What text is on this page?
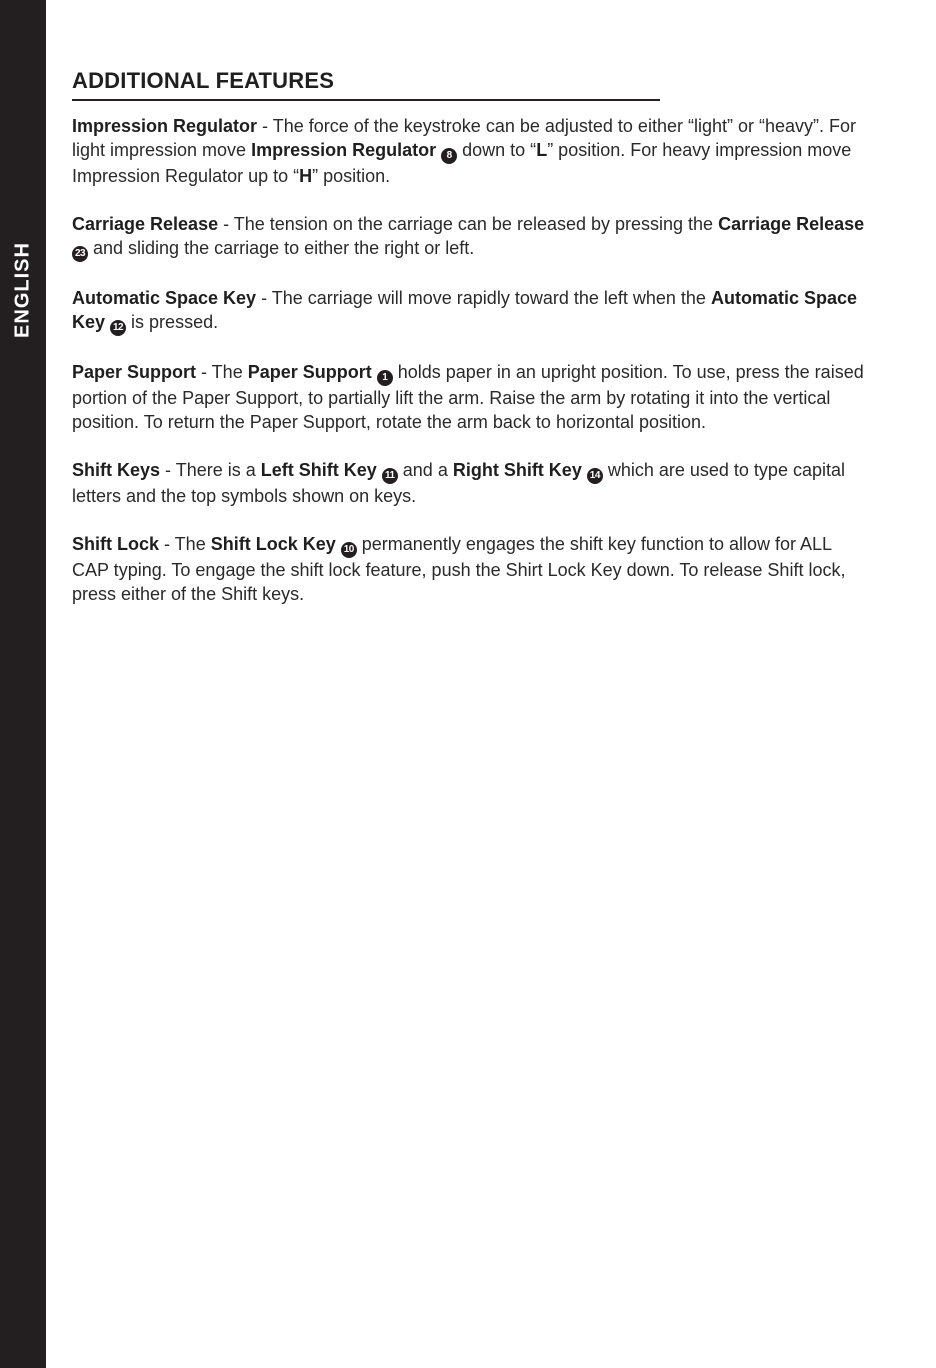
ENGLISH
ADDITIONAL FEATURES

Impression Regulator - The force of the keystroke can be adjusted to either “light” or “heavy”. For light impression move Impression Regulator 8 down to “L” position. For heavy impression move Impression Regulator up to “H” position.

Carriage Release - The tension on the carriage can be released by pressing the Carriage Release 23 and sliding the carriage to either the right or left.

Automatic Space Key - The carriage will move rapidly toward the left when the Automatic Space Key 12 is pressed.

Paper Support - The Paper Support 1 holds paper in an upright position. To use, press the raised portion of the Paper Support, to partially lift the arm. Raise the arm by rotating it into the vertical position. To return the Paper Support, rotate the arm back to horizontal position.

Shift Keys - There is a Left Shift Key 11 and a Right Shift Key 14 which are used to type capital letters and the top symbols shown on keys.

Shift Lock - The Shift Lock Key 10 permanently engages the shift key function to allow for ALL CAP typing. To engage the shift lock feature, push the Shirt Lock Key down. To release Shift lock, press either of the Shift keys.
